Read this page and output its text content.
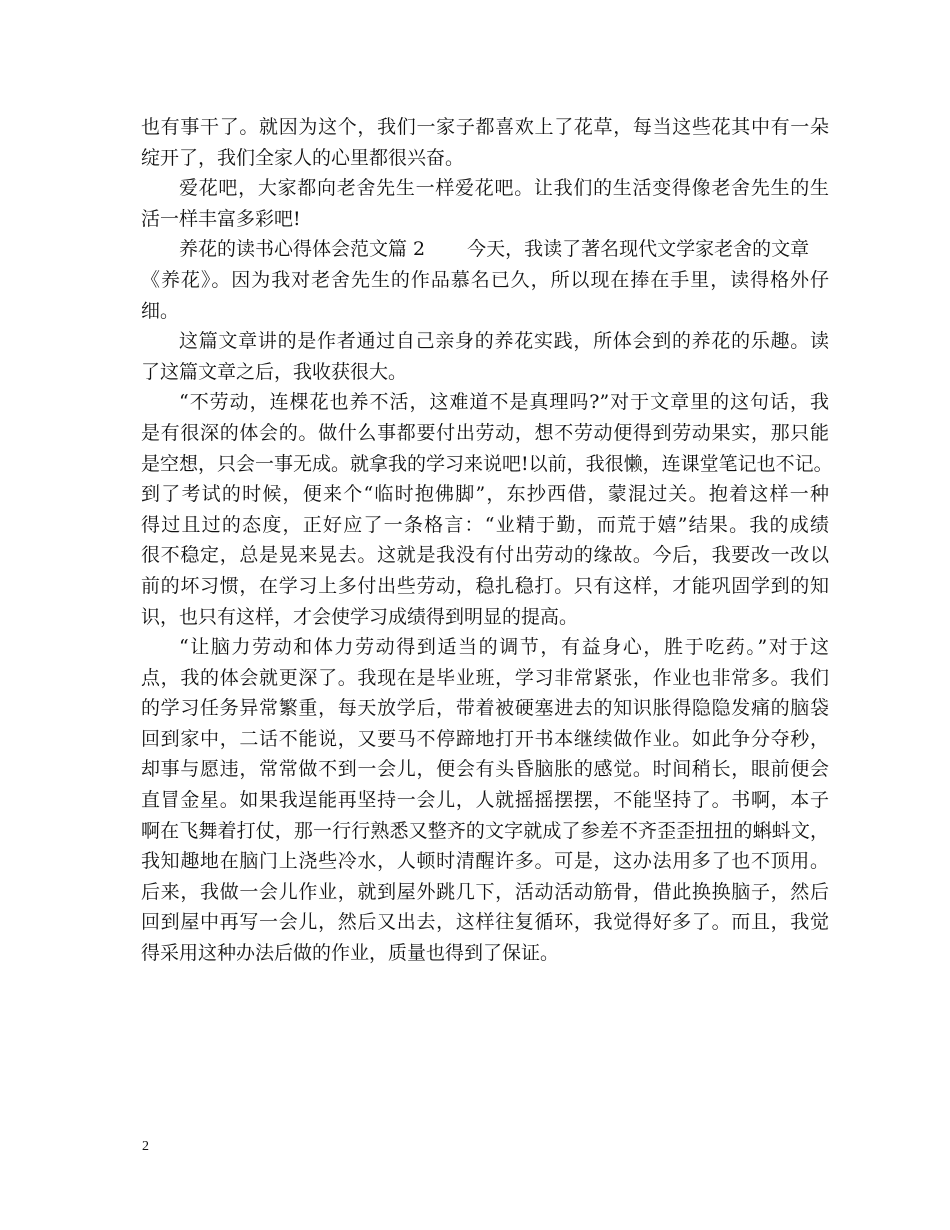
也有事干了。就因为这个，我们一家子都喜欢上了花草，每当这些花其中有一朵
绽开了，我们全家人的心里都很兴奋。
爱花吧，大家都向老舍先生一样爱花吧。让我们的生活变得像老舍先生的生
活一样丰富多彩吧!
养花的读书心得体会范文篇 2 今天，我读了著名现代文学家老舍的文章
《养花》。因为我对老舍先生的作品慕名已久，所以现在捧在手里，读得格外仔
细。
这篇文章讲的是作者通过自己亲身的养花实践，所体会到的养花的乐趣。读
了这篇文章之后，我收获很大。
“不劳动，连棵花也养不活，这难道不是真理吗?”对于文章里的这句话，我
是有很深的体会的。做什么事都要付出劳动，想不劳动便得到劳动果实，那只能
是空想，只会一事无成。就拿我的学习来说吧!以前，我很懒，连课堂笔记也不记。
到了考试的时候，便来个“临时抱佛脚”，东抄西借，蒙混过关。抱着这样一种
得过且过的态度，正好应了一条格言：“业精于勤，而荒于嬉”结果。我的成绩
很不稳定，总是晃来晃去。这就是我没有付出劳动的缘故。今后，我要改一改以
前的坏习惯，在学习上多付出些劳动，稳扎稳打。只有这样，才能巩固学到的知
识，也只有这样，才会使学习成绩得到明显的提高。
“让脑力劳动和体力劳动得到适当的调节，有益身心，胜于吃药。”对于这
点，我的体会就更深了。我现在是毕业班，学习非常紧张，作业也非常多。我们
的学习任务异常繁重，每天放学后，带着被硬塞进去的知识胀得隐隐发痛的脑袋
回到家中，二话不能说，又要马不停蹄地打开书本继续做作业。如此争分夺秒，
却事与愿违，常常做不到一会儿，便会有头昏脑胀的感觉。时间稍长，眼前便会
直冒金星。如果我逞能再坚持一会儿，人就摇摇摆摆，不能坚持了。书啊，本子
啊在飞舞着打仗，那一行行熟悉又整齐的文字就成了参差不齐歪歪扭扭的蝌蚪文，
我知趣地在脑门上浇些冷水，人顿时清醒许多。可是，这办法用多了也不顶用。
后来，我做一会儿作业，就到屋外跳几下，活动活动筋骨，借此换换脑子，然后
回到屋中再写一会儿，然后又出去，这样往复循环，我觉得好多了。而且，我觉
得采用这种办法后做的作业，质量也得到了保证。
2
